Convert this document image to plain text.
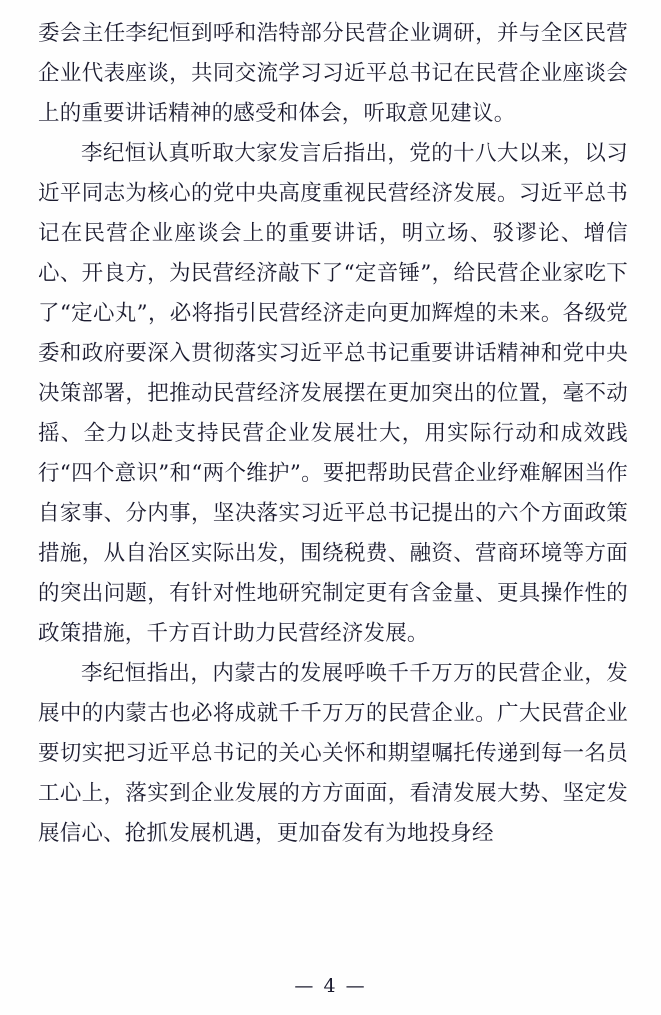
委会主任李纪恒到呼和浩特部分民营企业调研，并与全区民营企业代表座谈，共同交流学习习近平总书记在民营企业座谈会上的重要讲话精神的感受和体会，听取意见建议。

李纪恒认真听取大家发言后指出，党的十八大以来，以习近平同志为核心的党中央高度重视民营经济发展。习近平总书记在民营企业座谈会上的重要讲话，明立场、驳谬论、增信心、开良方，为民营经济敲下了“定音锤”，给民营企业家吃下了“定心丸”，必将指引民营经济走向更加辉煌的未来。各级党委和政府要深入贯彻落实习近平总书记重要讲话精神和党中央决策部署，把推动民营经济发展摆在更加突出的位置，毫不动摇、全力以赴支持民营企业发展壮大，用实际行动和成效践行“四个意识”和“两个维护”。要把帮助民营企业纾难解困当作自家事、分内事，坚决落实习近平总书记提出的六个方面政策措施，从自治区实际出发，围绕税费、融资、营商环境等方面的突出问题，有针对性地研究制定更有含金量、更具操作性的政策措施，千方百计助力民营经济发展。

李纪恒指出，内蒙古的发展呼唤千千万万的民营企业，发展中的内蒙古也必将成就千千万万的民营企业。广大民营企业要切实把习近平总书记的关心关怀和期望嘱托传递到每一名员工心上，落实到企业发展的方方面面，看清发展大势、坚定发展信心、抢抓发展机遇，更加奋发有为地投身经

— 4 —
